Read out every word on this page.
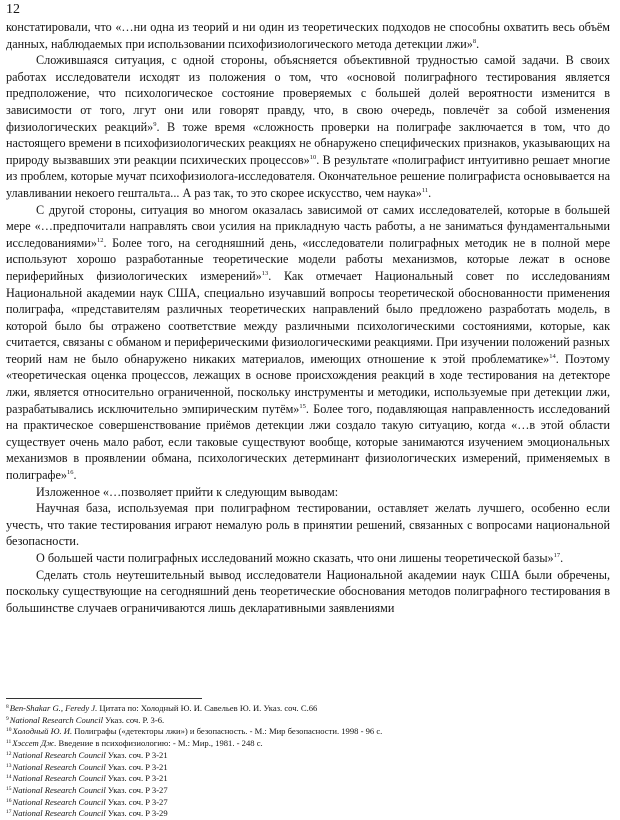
12

констатировали, что «…ни одна из теорий и ни один из теоретических подходов не способны охватить весь объём данных, наблюдаемых при использовании психофизиологического метода детекции лжи»$^8$.

Сложившаяся ситуация, с одной стороны, объясняется объективной трудностью самой задачи. В своих работах исследователи исходят из положения о том, что «основой полиграфного тестирования является предположение, что психологическое состояние проверяемых с большей долей вероятности изменится в зависимости от того, лгут они или говорят правду, что, в свою очередь, повлечёт за собой изменения физиологических реакций»$^9$. В тоже время «сложность проверки на полиграфе заключается в том, что до настоящего времени в психофизиологических реакциях не обнаружено специфических признаков, указывающих на природу вызвавших эти реакции психических процессов»$^{10}$. В результате «полиграфист интуитивно решает многие из проблем, которые мучат психофизиолога-исследователя. Окончательное решение полиграфиста основывается на улавливании некоего гештальта... А раз так, то это скорее искусство, чем наука»$^{11}$.

С другой стороны, ситуация во многом оказалась зависимой от самих исследователей, которые в большей мере «…предпочитали направлять свои усилия на прикладную часть работы, а не заниматься фундаментальными исследованиями»$^{12}$. Более того, на сегодняшний день, «исследователи полиграфных методик не в полной мере используют хорошо разработанные теоретические модели работы механизмов, которые лежат в основе периферийных физиологических измерений»$^{13}$. Как отмечает Национальный совет по исследованиям Национальной академии наук США, специально изучавший вопросы теоретической обоснованности применения полиграфа, «представителям различных теоретических направлений было предложено разработать модель, в которой было бы отражено соответствие между различными психологическими состояниями, которые, как считается, связаны с обманом и периферическими физиологическими реакциями. При изучении положений разных теорий нам не было обнаружено никаких материалов, имеющих отношение к этой проблематике»$^{14}$. Поэтому «теоретическая оценка процессов, лежащих в основе происхождения реакций в ходе тестирования на детекторе лжи, является относительно ограниченной, поскольку инструменты и методики, используемые при детекции лжи, разрабатывались исключительно эмпирическим путём»$^{15}$. Более того, подавляющая направленность исследований на практическое совершенствование приёмов детекции лжи создало такую ситуацию, когда «…в этой области существует очень мало работ, если таковые существуют вообще, которые занимаются изучением эмоциональных механизмов в проявлении обмана, психологических детерминант физиологических измерений, применяемых в полиграфе»$^{16}$.

Изложенное «…позволяет прийти к следующим выводам:

Научная база, используемая при полиграфном тестировании, оставляет желать лучшего, особенно если учесть, что такие тестирования играют немалую роль в принятии решений, связанных с вопросами национальной безопасности.

О большей части полиграфных исследований можно сказать, что они лишены теоретической базы»$^{17}$.

Сделать столь неутешительный вывод исследователи Национальной академии наук США были обречены, поскольку существующие на сегодняшний день теоретические обоснования методов полиграфного тестирования в большинстве случаев ограничиваются лишь декларативными заявлениями

$^8$Ben-Shakar G., Feredy J. Цитата по: Холодный Ю. И. Савельев Ю. И. Указ. соч. С.66
$^9$National Research Council Указ. соч. Р. 3-6.
$^{10}$Холодный Ю. И. Полиграфы («детекторы лжи») и безопасность. - М.: Мир безопасности. 1998 - 96 с.
$^{11}$Хэссет Дж. Введение в психофизиологию: - М.: Мир., 1981. - 248 с.
$^{12}$National Research Council Указ. соч. P 3-21
$^{13}$National Research Council Указ. соч. P 3-21
$^{14}$National Research Council Указ. соч. P 3-21
$^{15}$National Research Council Указ. соч. P 3-27
$^{16}$National Research Council Указ. соч. P 3-27
$^{17}$National Research Council Указ. соч. P 3-29
